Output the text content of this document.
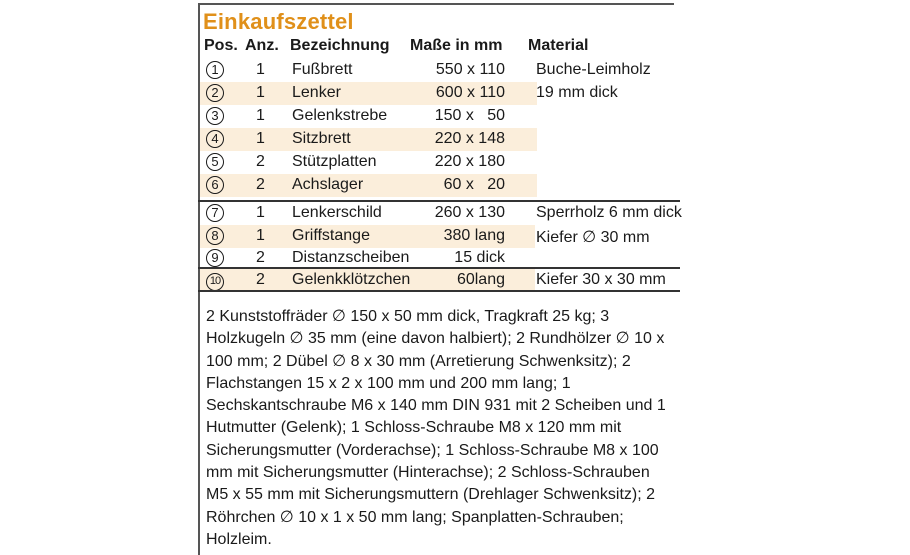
Einkaufszettel
Pos. Anz. Bezeichnung Maße in mm Material
1	1 Fußbrett	550 x 110 Buche-Leimholz
2	1 Lenker	600 x 110 19 mm dick
3	1 Gelenkstrebe	150 x   50
4	1 Sitzbrett	220 x 148
5	2 Stützplatten	220 x 180
6	2 Achslager	60 x   20
7	1 Lenkerschild	260 x 130 Sperrholz 6 mm dick
8	1 Griffstange	380 lang Kiefer ∅ 30 mm
9	2 Distanzscheiben	15 dick
10 2 Gelenkklötzchen	60lang Kiefer 30 x 30 mm
2 Kunststoffräder ∅ 150 x 50 mm dick, Tragkraft 25 kg; 3 Holzkugeln ∅ 35 mm (eine davon halbiert); 2 Rundhölzer ∅ 10 x 100 mm; 2 Dübel ∅ 8 x 30 mm (Arretierung Schwenksitz); 2 Flachstangen 15 x 2 x 100 mm und 200 mm lang; 1 Sechskantschraube M6 x 140 mm DIN 931 mit 2 Scheiben und 1 Hutmutter (Gelenk); 1 Schloss-Schraube M8 x 120 mm mit Sicherungsmutter (Vorderachse); 1 Schloss-Schraube M8 x 100 mm mit Sicherungsmutter (Hinterachse); 2 Schloss-Schrauben M5 x 55 mm mit Sicherungsmuttern (Drehlager Schwenksitz); 2 Röhrchen ∅ 10 x 1 x 50 mm lang; Spanplatten-Schrauben; Holzleim.
